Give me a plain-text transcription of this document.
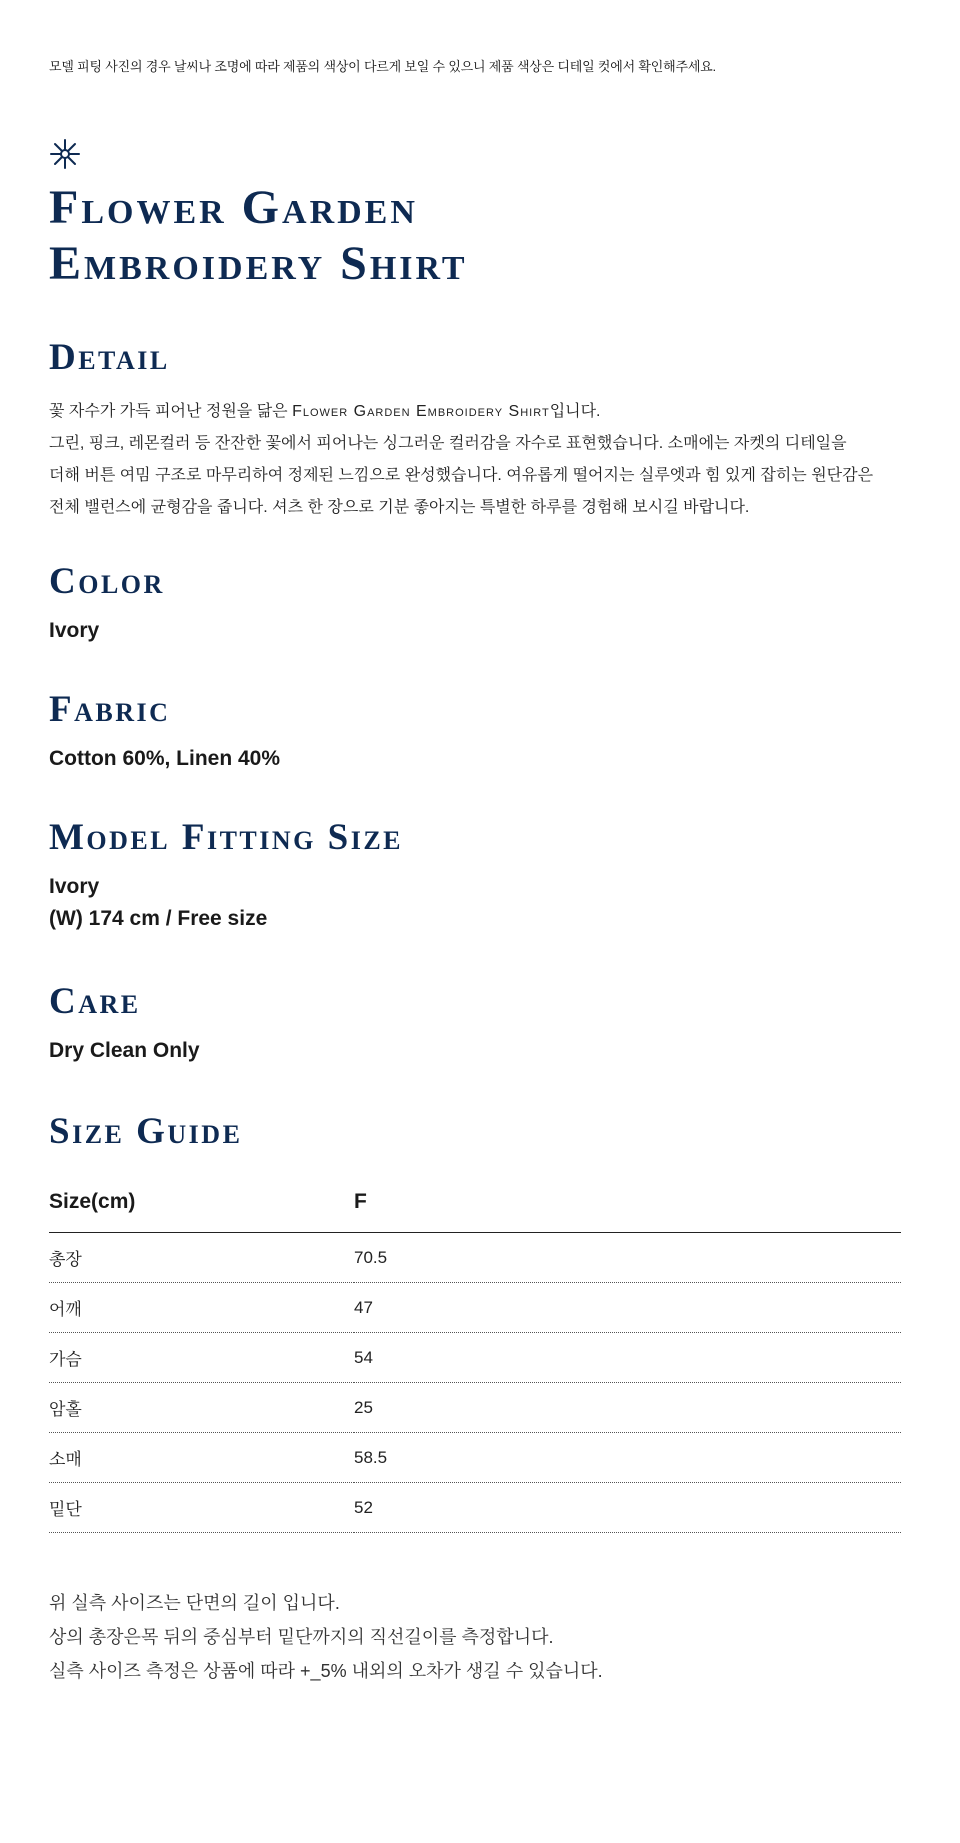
모델 피팅 사진의 경우 날씨나 조명에 따라 제품의 색상이 다르게 보일 수 있으니 제품 색상은 디테일 컷에서 확인해주세요.
Flower Garden
Embroidery Shirt
Detail
꽃 자수가 가득 피어난 정원을 닮은 Flower Garden Embroidery Shirt입니다.
그린, 핑크, 레몬컬러 등 잔잔한 꽃에서 피어나는 싱그러운 컬러감을 자수로 표현했습니다. 소매에는 자켓의 디테일을
더해 버튼 여밈 구조로 마무리하여 정제된 느낌으로 완성했습니다. 여유롭게 떨어지는 실루엣과 힘 있게 잡히는 원단감은
전체 밸런스에 균형감을 줍니다. 셔츠 한 장으로 기분 좋아지는 특별한 하루를 경험해 보시길 바랍니다.
Color
Ivory
Fabric
Cotton 60%, Linen 40%
Model Fitting Size
Ivory
(W) 174 cm / Free size
Care
Dry Clean Only
Size Guide
Size(cm)	F
총장	70.5
어깨	47
가슴	54
암홀	25
소매	58.5
밑단	52
위 실측 사이즈는 단면의 길이 입니다.
상의 총장은목 뒤의 중심부터 밑단까지의 직선길이를 측정합니다.
실측 사이즈 측정은 상품에 따라 +_5% 내외의 오차가 생길 수 있습니다.
